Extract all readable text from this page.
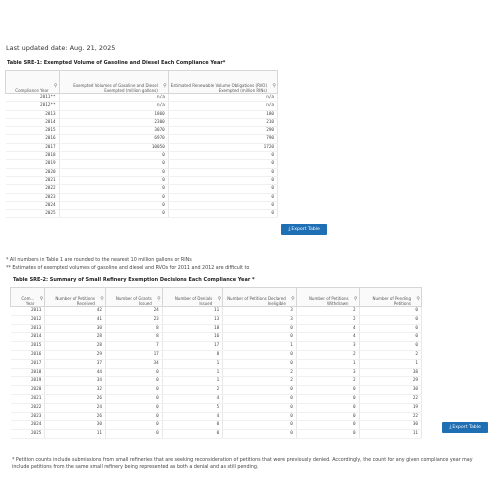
Last updated date: Aug. 21, 2025
Table SRE-1: Exempted Volume of Gasoline and Diesel Each Compliance Year*
Compliance Year
⚲	Exempted Volumes of Gasoline and Diesel Exempted (million gallons)
⚲	Estimated Renewable Volume Obligations (RVO) Exempted (million RINs)
⚲

2011**	n/a	n/a
2012**	n/a	n/a
2013	1860	180
2014	2300	210
2015	3070	290
2016	6970	790
2017	10050	1720
2018	0	0
2019	0	0
2020	0	0
2021	0	0
2022	0	0
2023	0	0
2024	0	0
2025	0	0
⤓Export Table
* All numbers in Table 1 are rounded to the nearest 10 million gallons or RINs
** Estimates of exempted volumes of gasoline and diesel and RVOs for 2011 and 2012 are difficult to
Table SRE-2: Summary of Small Refinery Exemption Decisions Each Compliance Year *
Com... Year
⚲	Number of Petitions Received
⚲	Number of Grants Issued
⚲	Number of Denials Issued
⚲	Number of Petitions Declared Ineligible
⚲	Number of Petitions Withdrawn
⚲	Number of Pending Petitions
⚲

2011	42	24	11	3	2	0
2012	41	23	13	3	2	0
2013	30	8	18	0	4	0
2014	28	8	16	0	4	0
2015	28	7	17	1	3	0
2016	29	17	8	0	2	2
2017	37	34	1	0	1	1
2018	44	0	1	2	3	38
2019	34	0	1	2	2	29
2020	32	0	2	0	0	30
2021	26	0	4	0	0	22
2022	24	0	5	0	0	19
2023	26	0	4	0	0	22
2024	30	0	0	0	0	30
2025	11	0	0	0	0	11
⤓Export Table
* Petition counts include submissions from small refineries that are seeking reconsideration of petitions that were previously denied. Accordingly, the count for any given compliance year may include petitions from the same small refinery being represented as both a denial and as still pending.
